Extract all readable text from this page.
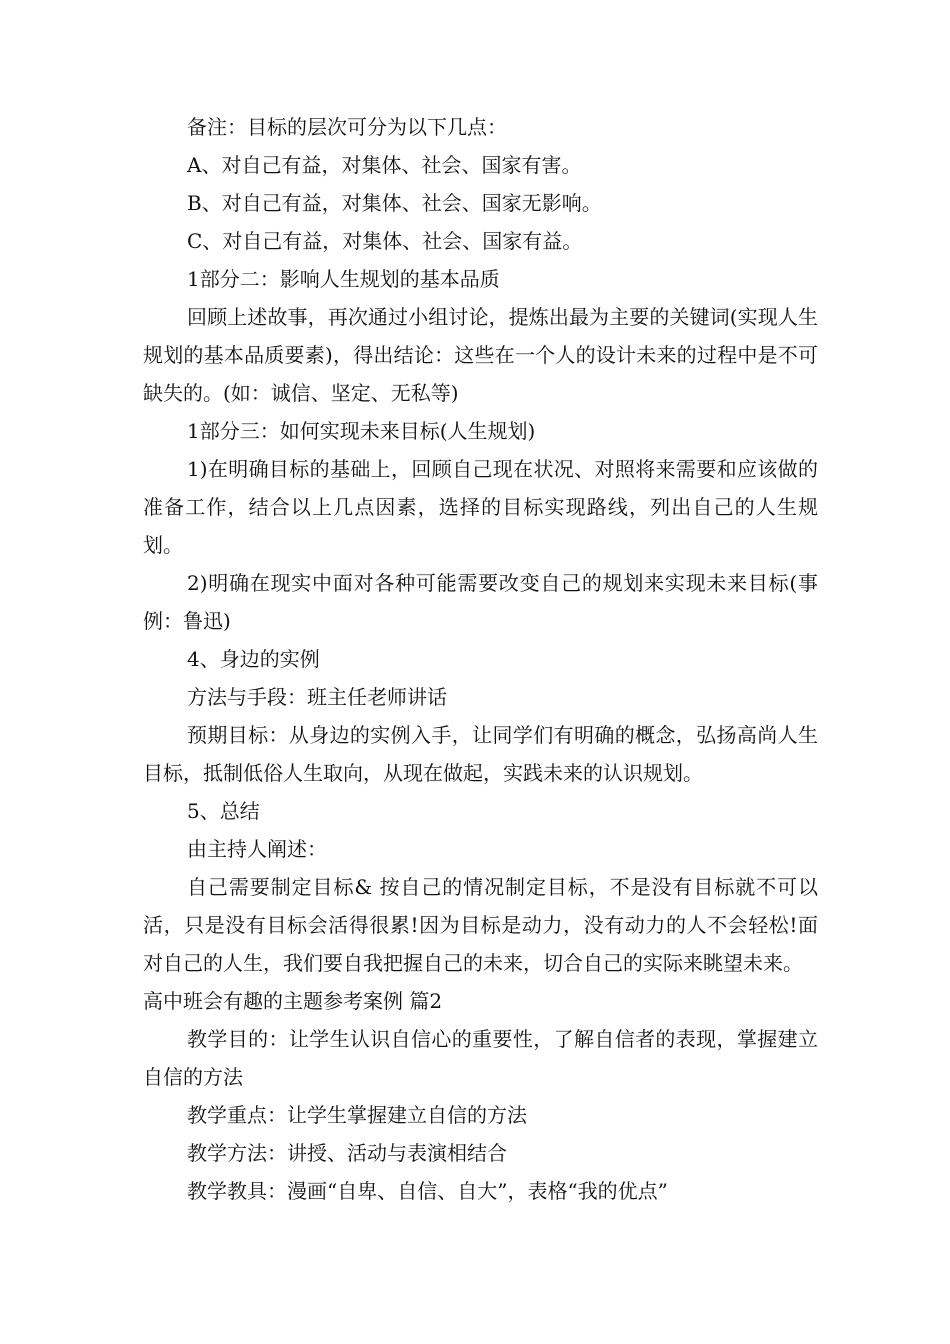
备注：目标的层次可分为以下几点：

A、对自己有益，对集体、社会、国家有害。

B、对自己有益，对集体、社会、国家无影响。

C、对自己有益，对集体、社会、国家有益。

1部分二：影响人生规划的基本品质

回顾上述故事，再次通过小组讨论，提炼出最为主要的关键词(实现人生规划的基本品质要素)，得出结论：这些在一个人的设计未来的过程中是不可缺失的。(如：诚信、坚定、无私等)

1部分三：如何实现未来目标(人生规划)

1)在明确目标的基础上，回顾自己现在状况、对照将来需要和应该做的准备工作，结合以上几点因素，选择的目标实现路线，列出自己的人生规划。

2)明确在现实中面对各种可能需要改变自己的规划来实现未来目标(事例：鲁迅)

4、身边的实例

方法与手段：班主任老师讲话

预期目标：从身边的实例入手，让同学们有明确的概念，弘扬高尚人生目标，抵制低俗人生取向，从现在做起，实践未来的认识规划。

5、总结

由主持人阐述：

自己需要制定目标& 按自己的情况制定目标，不是没有目标就不可以活，只是没有目标会活得很累!因为目标是动力，没有动力的人不会轻松!面对自己的人生，我们要自我把握自己的未来，切合自己的实际来眺望未来。

高中班会有趣的主题参考案例 篇2

教学目的：让学生认识自信心的重要性，了解自信者的表现，掌握建立自信的方法

教学重点：让学生掌握建立自信的方法

教学方法：讲授、活动与表演相结合

教学教具：漫画“自卑、自信、自大”，表格“我的优点”
